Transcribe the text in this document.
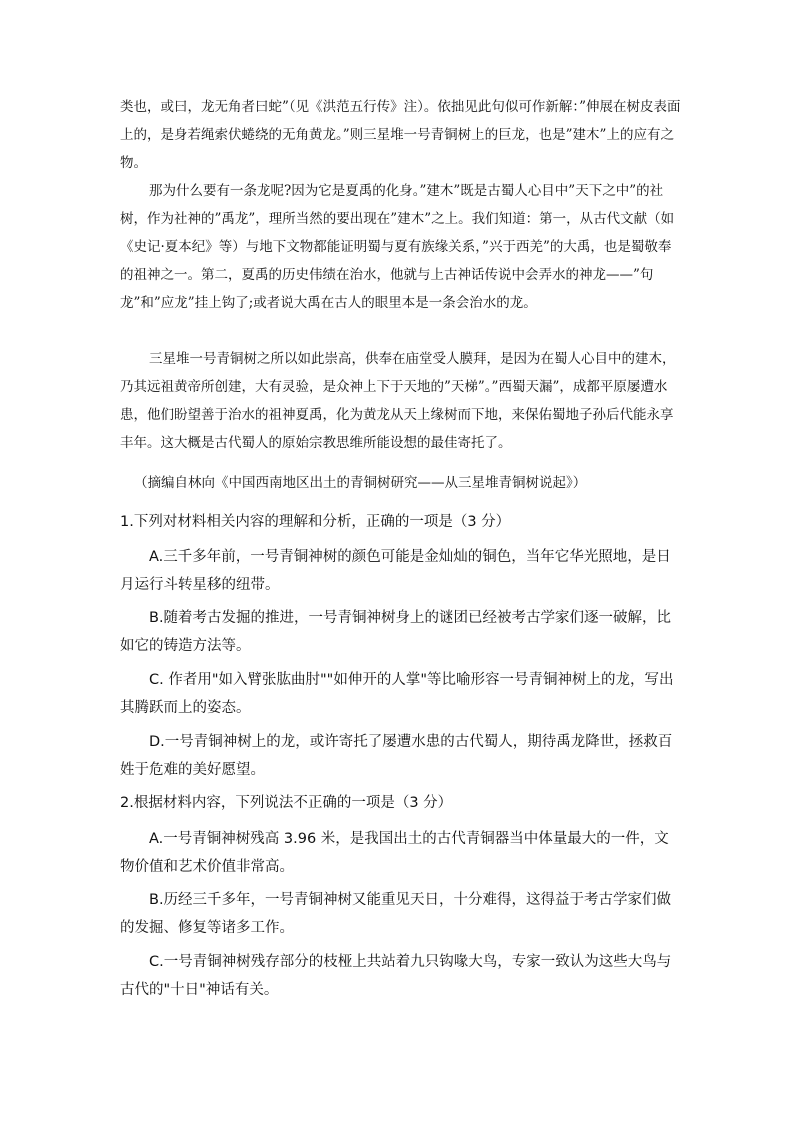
类也，或曰，龙无角者曰蛇”（见《洪范五行传》注）。依拙见此句似可作新解：”伸展在树皮表面上的，是身若绳索伏蜷绕的无角黄龙。”则三星堆一号青铜树上的巨龙，也是”建木”上的应有之物。

那为什么要有一条龙呢?因为它是夏禹的化身。”建木”既是古蜀人心目中”天下之中”的社树，作为社神的”禹龙”，理所当然的要出现在”建木”之上。我们知道：第一，从古代文献（如《史记·夏本纪》等）与地下文物都能证明蜀与夏有族缘关系，”兴于西羌”的大禹，也是蜀敬奉的祖神之一。第二，夏禹的历史伟绩在治水，他就与上古神话传说中会弄水的神龙——”句龙”和”应龙”挂上钩了;或者说大禹在古人的眼里本是一条会治水的龙。

三星堆一号青铜树之所以如此崇高，供奉在庙堂受人膜拜，是因为在蜀人心目中的建木，乃其远祖黄帝所创建，大有灵验，是众神上下于天地的”天梯”。”西蜀天漏”，成都平原屡遭水患，他们盼望善于治水的祖神夏禹，化为黄龙从天上缘树而下地，来保佑蜀地子孙后代能永享丰年。这大概是古代蜀人的原始宗教思维所能设想的最佳寄托了。

（摘编自林向《中国西南地区出土的青铜树研究——从三星堆青铜树说起》）

1.下列对材料相关内容的理解和分析，正确的一项是（3 分）

A.三千多年前，一号青铜神树的颜色可能是金灿灿的铜色，当年它华光照地，是日月运行斗转星移的纽带。

B.随着考古发掘的推进，一号青铜神树身上的谜团已经被考古学家们逐一破解，比如它的铸造方法等。

C. 作者用"如入臂张肱曲肘""如伸开的人掌"等比喻形容一号青铜神树上的龙，写出其腾跃而上的姿态。

D.一号青铜神树上的龙，或许寄托了屡遭水患的古代蜀人，期待禹龙降世，拯救百姓于危难的美好愿望。

2.根据材料内容，下列说法不正确的一项是（3 分）

A.一号青铜神树残高 3.96 米，是我国出土的古代青铜器当中体量最大的一件，文物价值和艺术价值非常高。

B.历经三千多年，一号青铜神树又能重见天日，十分难得，这得益于考古学家们做的发掘、修复等诸多工作。

C.一号青铜神树残存部分的枝桠上共站着九只钩喙大鸟，专家一致认为这些大鸟与古代的"十日"神话有关。
